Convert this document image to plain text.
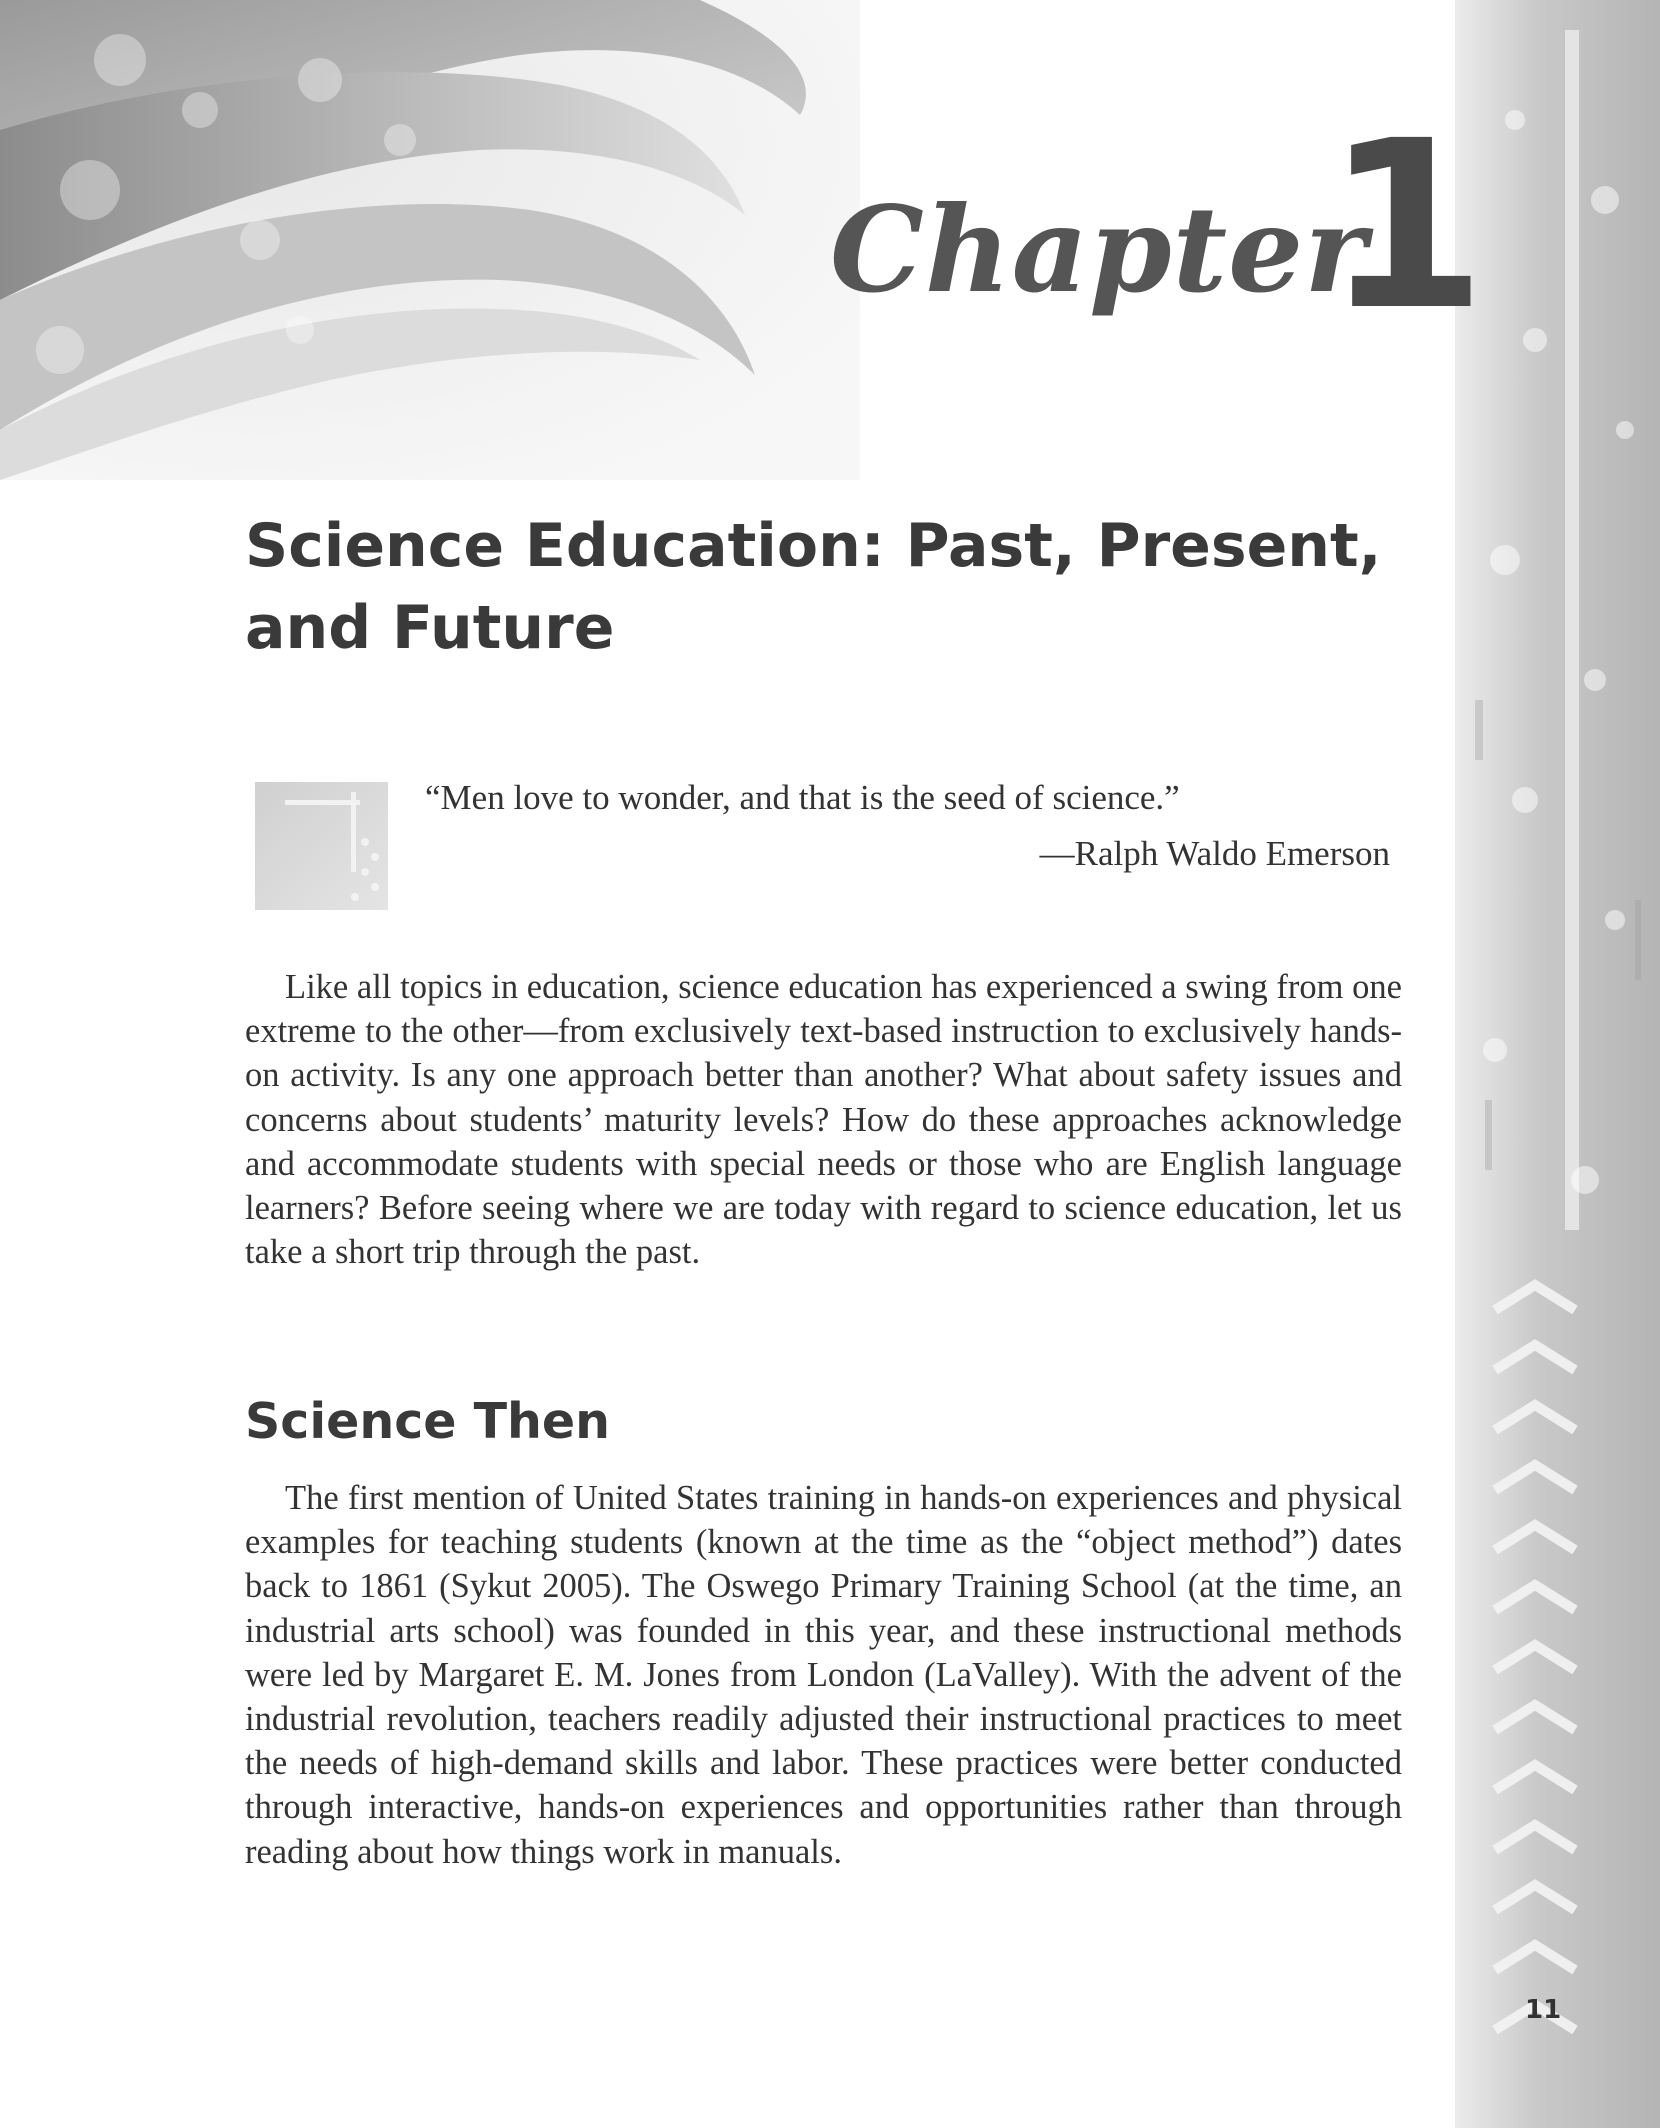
Chapter
1
Science Education: Past, Present,
and Future
“Men love to wonder, and that is the seed of science.”
—Ralph Waldo Emerson

Like all topics in education, science education has experienced a swing from one extreme to the other—from exclusively text-based instruction to exclusively hands-on activity. Is any one approach better than another? What about safety issues and concerns about students’ maturity levels? How do these approaches acknowledge and accommodate students with special needs or those who are English language learners? Before seeing where we are today with regard to science education, let us take a short trip through the past.

Science Then

The first mention of United States training in hands-on experiences and physical examples for teaching students (known at the time as the “object method”) dates back to 1861 (Sykut 2005). The Oswego Primary Training School (at the time, an industrial arts school) was founded in this year, and these instructional methods were led by Margaret E. M. Jones from London (LaValley). With the advent of the industrial revolution, teachers readily adjusted their instructional practices to meet the needs of high-demand skills and labor. These practices were better conducted through interactive, hands-on experiences and opportunities rather than through reading about how things work in manuals.

11
